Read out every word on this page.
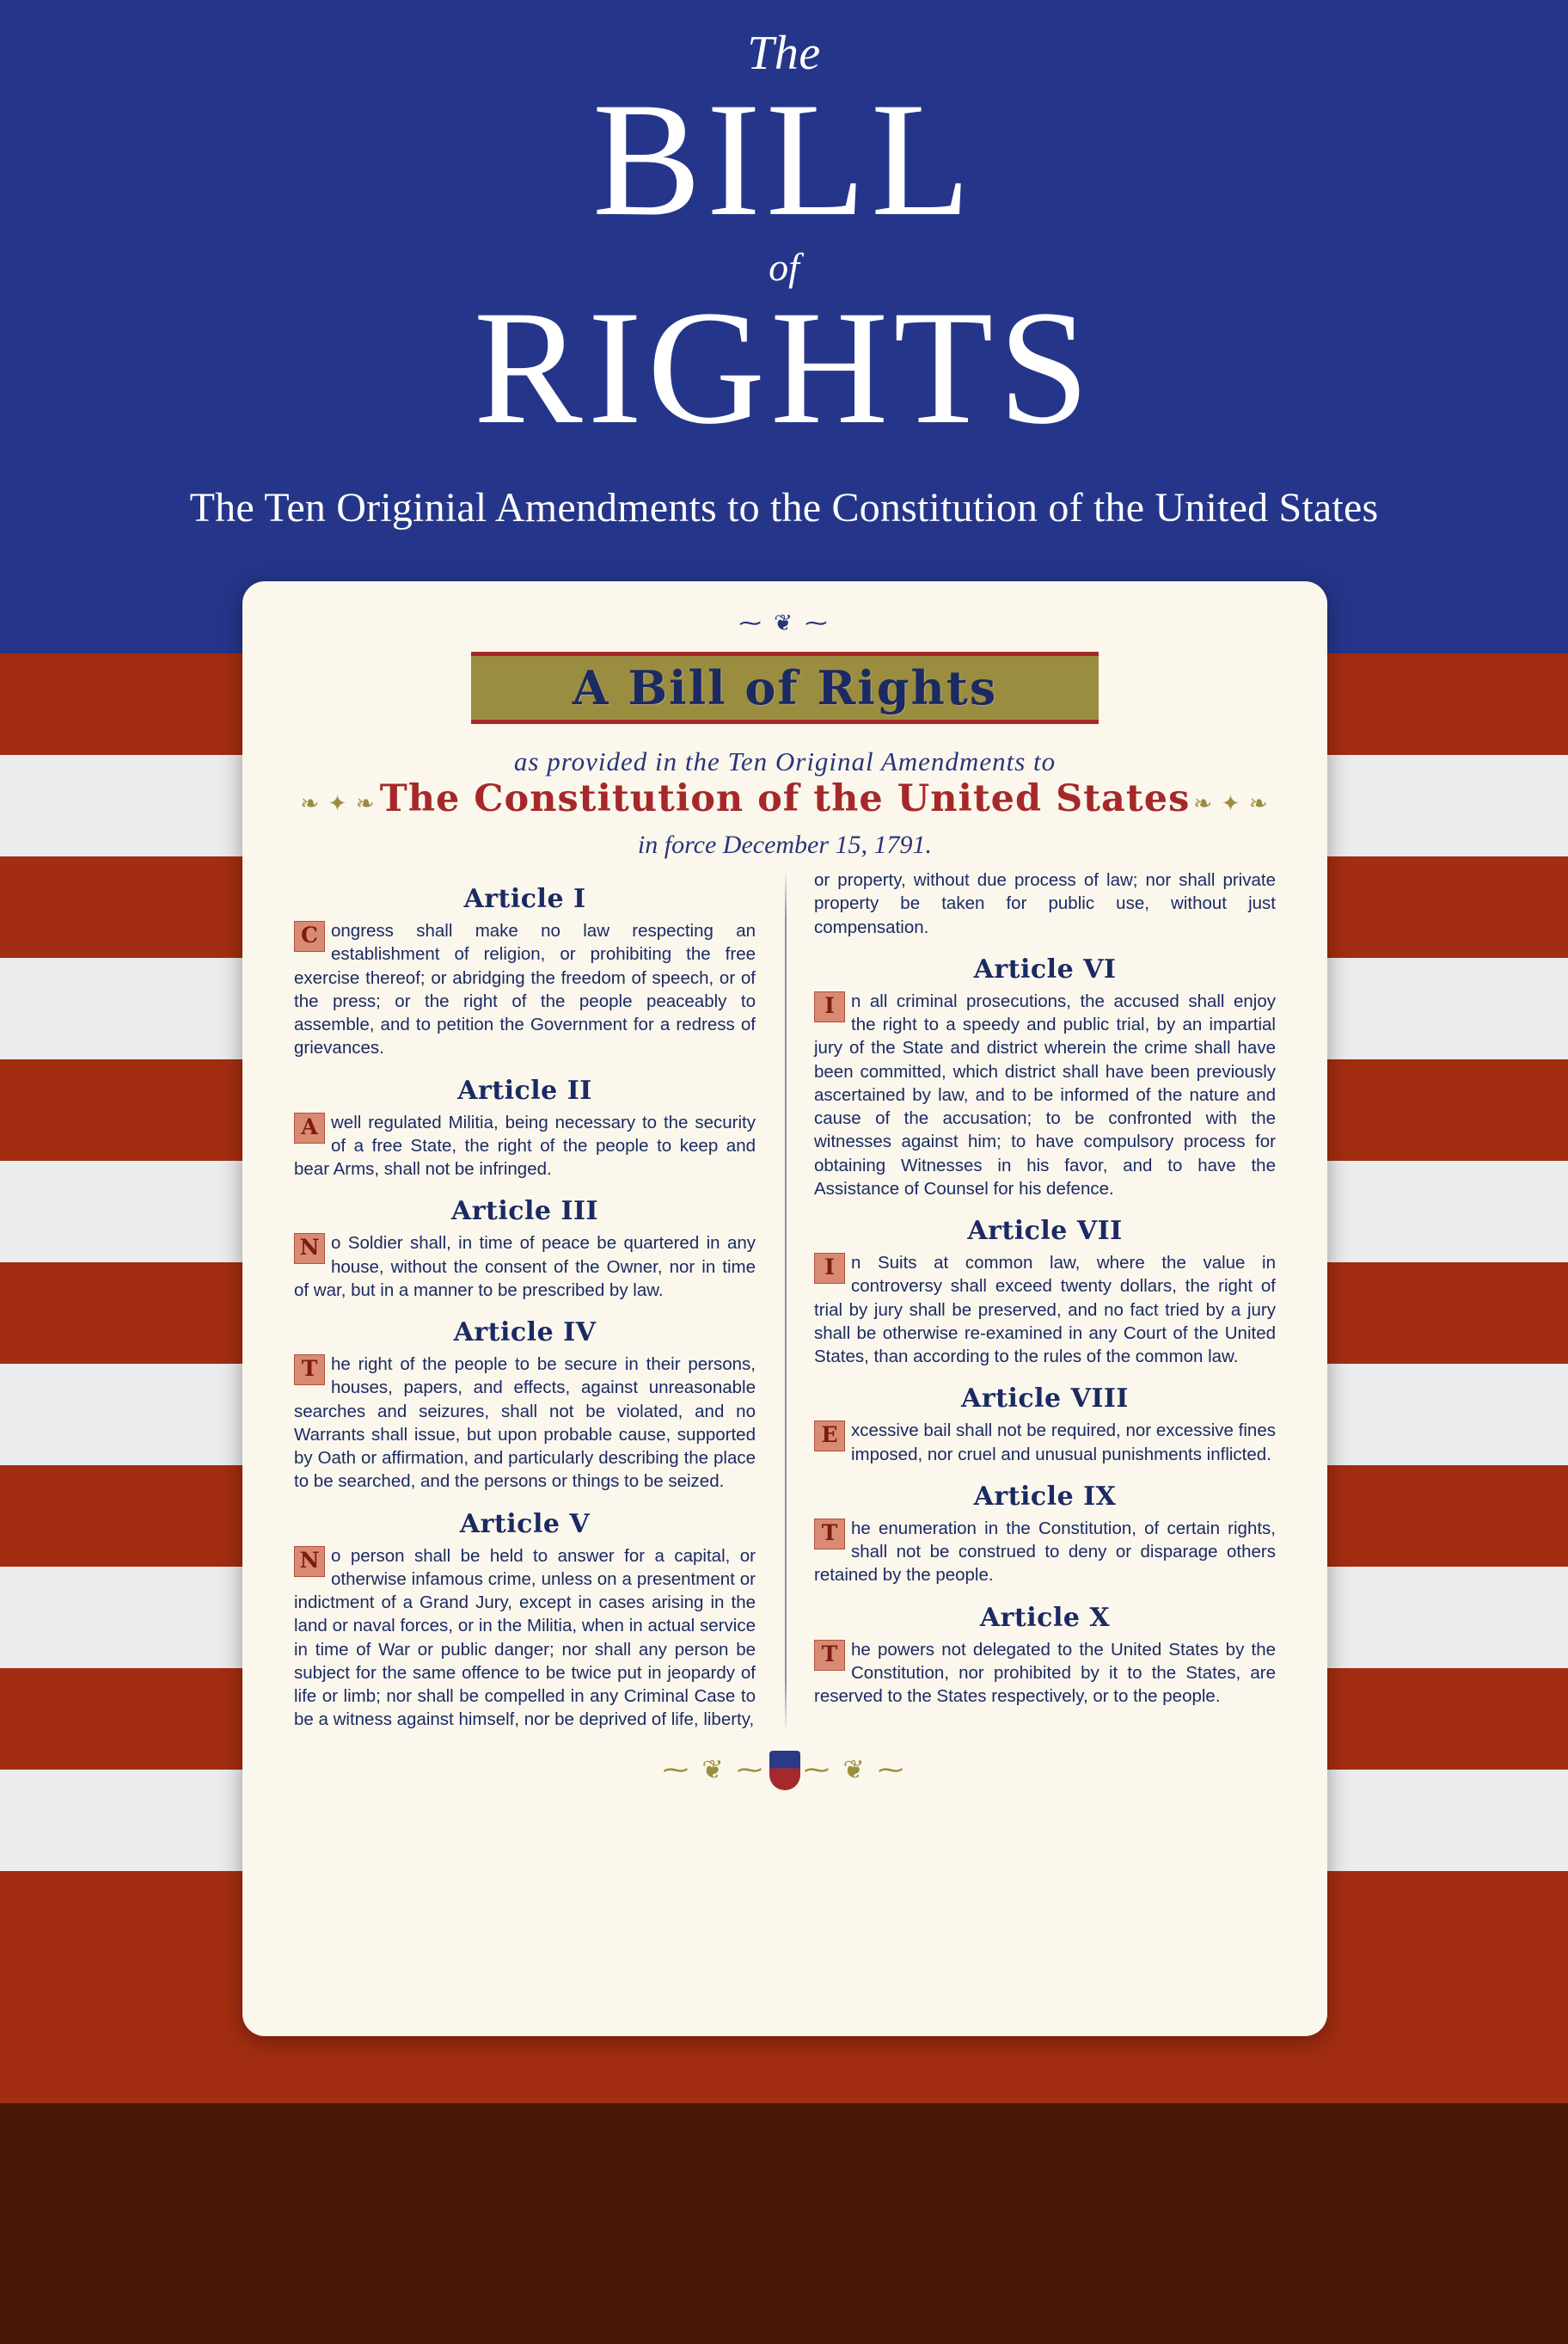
The
BILL
of
RIGHTS
The Ten Originial Amendments to the Constitution of the United States
⁓ ❦ ⁓
A Bill of Rights
as provided in the Ten Original Amendments to
❧ ✦ ❧ The Constitution of the United States ❧ ✦ ❧
in force December 15, 1791.
Article I
C ongress shall make no law respecting an establishment of religion, or prohibiting the free exercise thereof; or abridging the freedom of speech, or of the press; or the right of the people peaceably to assemble, and to petition the Government for a redress of grievances.
Article II
A well regulated Militia, being necessary to the security of a free State, the right of the people to keep and bear Arms, shall not be infringed.
Article III
N o Soldier shall, in time of peace be quartered in any house, without the consent of the Owner, nor in time of war, but in a manner to be prescribed by law.
Article IV
T he right of the people to be secure in their persons, houses, papers, and effects, against unreasonable searches and seizures, shall not be violated, and no Warrants shall issue, but upon probable cause, supported by Oath or affirmation, and particularly describing the place to be searched, and the persons or things to be seized.
Article V
N o person shall be held to answer for a capital, or otherwise infamous crime, unless on a presentment or indictment of a Grand Jury, except in cases arising in the land or naval forces, or in the Militia, when in actual service in time of War or public danger; nor shall any person be subject for the same offence to be twice put in jeopardy of life or limb; nor shall be compelled in any Criminal Case to be a witness against himself, nor be deprived of life, liberty,
or property, without due process of law; nor shall private property be taken for public use, without just compensation.
Article VI
I n all criminal prosecutions, the accused shall enjoy the right to a speedy and public trial, by an impartial jury of the State and district wherein the crime shall have been committed, which district shall have been previously ascertained by law, and to be informed of the nature and cause of the accusation; to be confronted with the witnesses against him; to have compulsory process for obtaining Witnesses in his favor, and to have the Assistance of Counsel for his defence.
Article VII
I n Suits at common law, where the value in controversy shall exceed twenty dollars, the right of trial by jury shall be preserved, and no fact tried by a jury shall be otherwise re-examined in any Court of the United States, than according to the rules of the common law.
Article VIII
E xcessive bail shall not be required, nor excessive fines imposed, nor cruel and unusual punishments inflicted.
Article IX
T he enumeration in the Constitution, of certain rights, shall not be construed to deny or disparage others retained by the people.
Article X
T he powers not delegated to the United States by the Constitution, nor prohibited by it to the States, are reserved to the States respectively, or to the people.
⁓ ❦ ⁓ ⁓ ❦ ⁓
